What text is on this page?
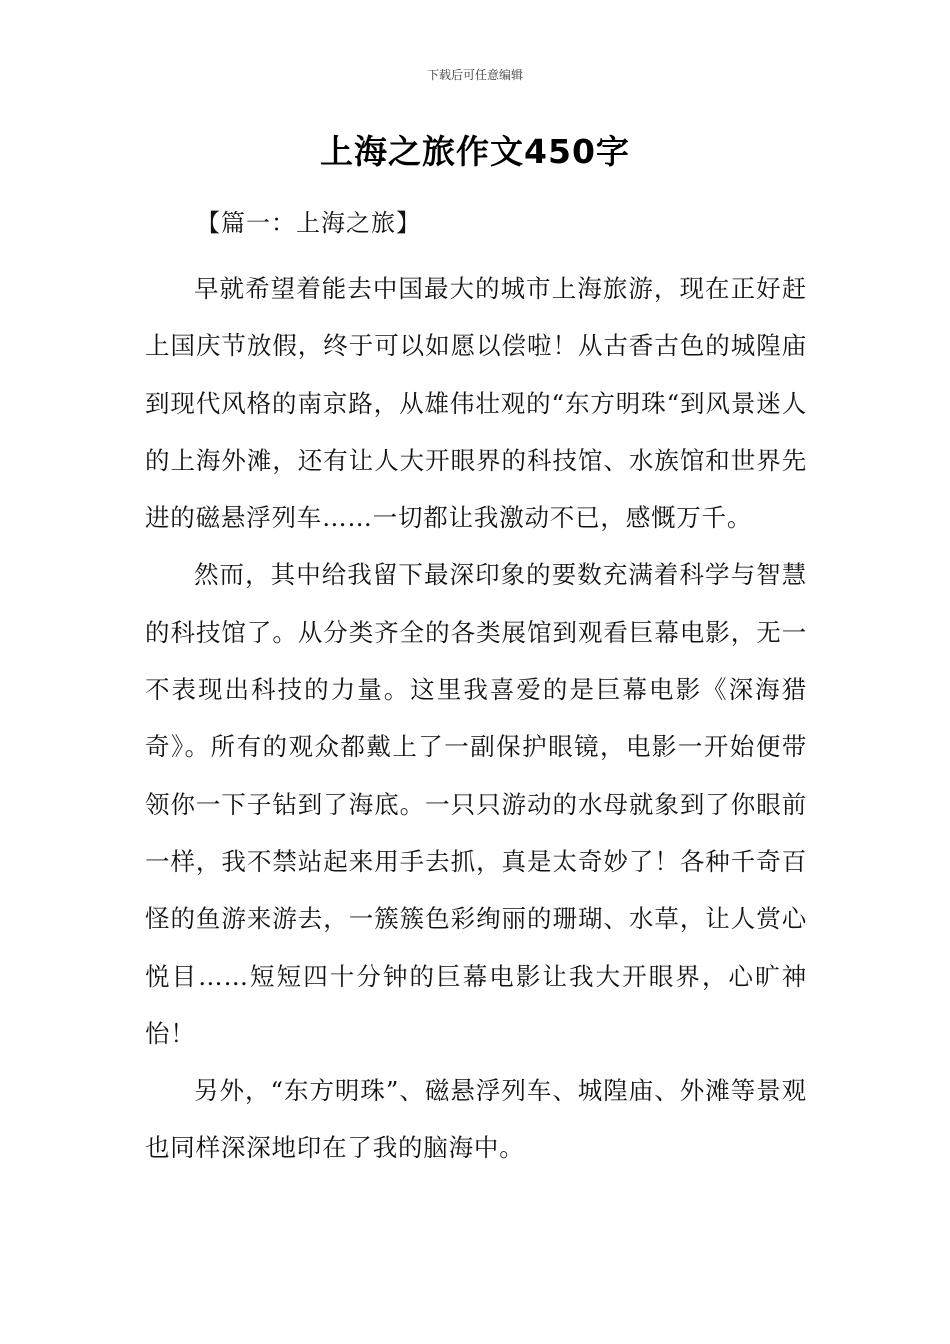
下载后可任意编辑
上海之旅作文450字
【篇一：上海之旅】

早就希望着能去中国最大的城市上海旅游，现在正好赶上国庆节放假，终于可以如愿以偿啦！从古香古色的城隍庙到现代风格的南京路，从雄伟壮观的“东方明珠“到风景迷人的上海外滩，还有让人大开眼界的科技馆、水族馆和世界先进的磁悬浮列车……一切都让我激动不已，感慨万千。

然而，其中给我留下最深印象的要数充满着科学与智慧的科技馆了。从分类齐全的各类展馆到观看巨幕电影，无一不表现出科技的力量。这里我喜爱的是巨幕电影《深海猎奇》。所有的观众都戴上了一副保护眼镜，电影一开始便带领你一下子钻到了海底。一只只游动的水母就象到了你眼前一样，我不禁站起来用手去抓，真是太奇妙了！各种千奇百怪的鱼游来游去，一簇簇色彩绚丽的珊瑚、水草，让人赏心悦目……短短四十分钟的巨幕电影让我大开眼界，心旷神怡！

另外，“东方明珠”、磁悬浮列车、城隍庙、外滩等景观也同样深深地印在了我的脑海中。
